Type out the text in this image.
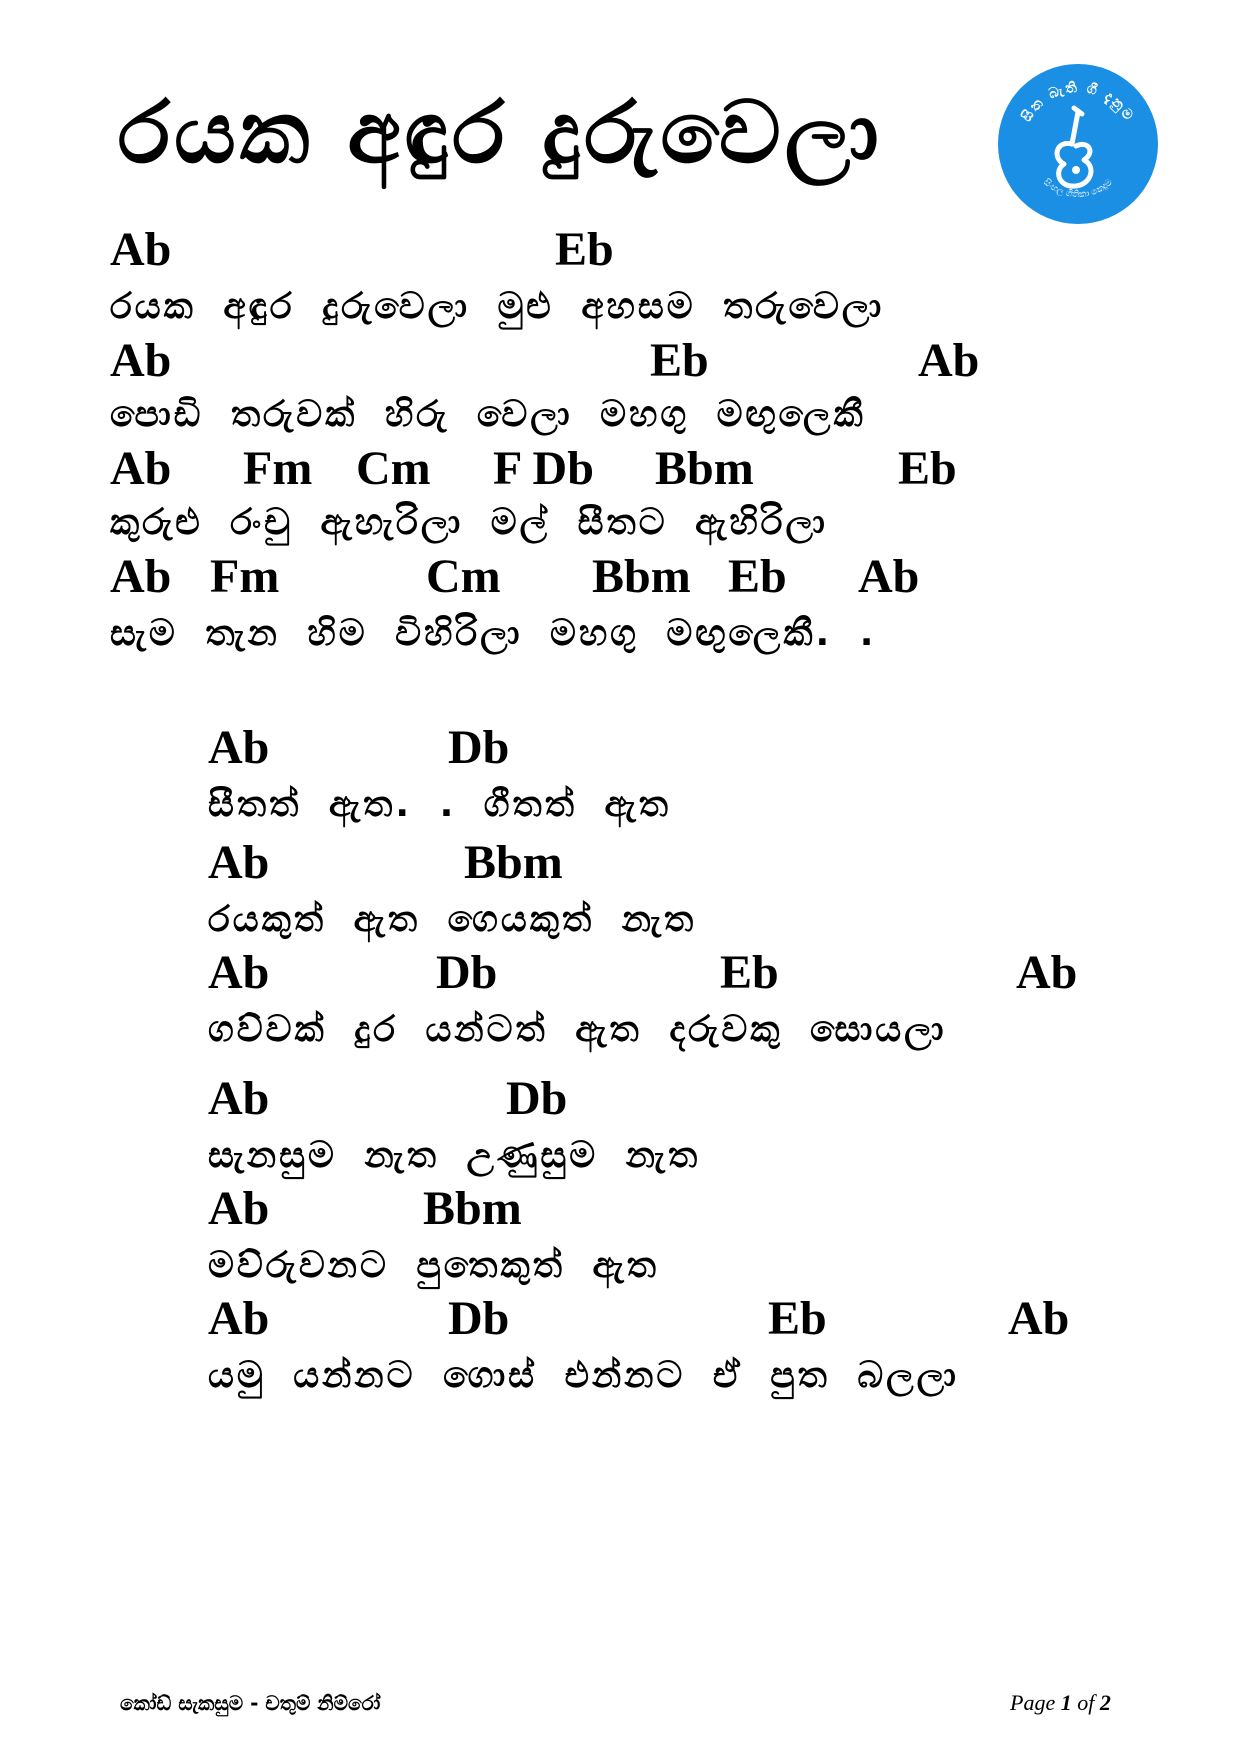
රයක අඳුර දුරුවෙලා	සිත බැති ගී දැනුම
සිංහල ගීතිකා කෙදුම
Ab	Eb
රයක අඳුර දුරුවෙලා මුළු අහසම තරුවෙලා
Ab	Eb	Ab
පොඩි තරුවක් හිරු වෙලා මහගු මඟුලෙකී
Ab Fm Cm F Db Bbm	Eb
කුරුළු රංචු ඇහැරිලා මල් සීතට ඇහිරිලා
Ab Fm	Cm Bbm Eb Ab
සැම තැන හිම විහිරිලා මහගු මඟුලෙකී. .
Ab	Db
සීතත් ඇත. . ගීතත් ඇත
Ab	Bbm
රයකුත් ඇත ගෙයකුත් නැත
Ab	Db	Eb	Ab
ගව්වක් දුර යන්ටත් ඇත දරුවකු සොයලා
Ab	Db
සැනසුම නැත උණුසුම නැත
Ab	Bbm
මව්රුවනට පුතෙකුත් ඇත
Ab	Db	Eb	Ab
යමු යන්නට ගොස් එන්නට ඒ පුත බලලා
කෝඩ් සැකසුම - චතුම් නිම්රෝ	Page 1 of 2
